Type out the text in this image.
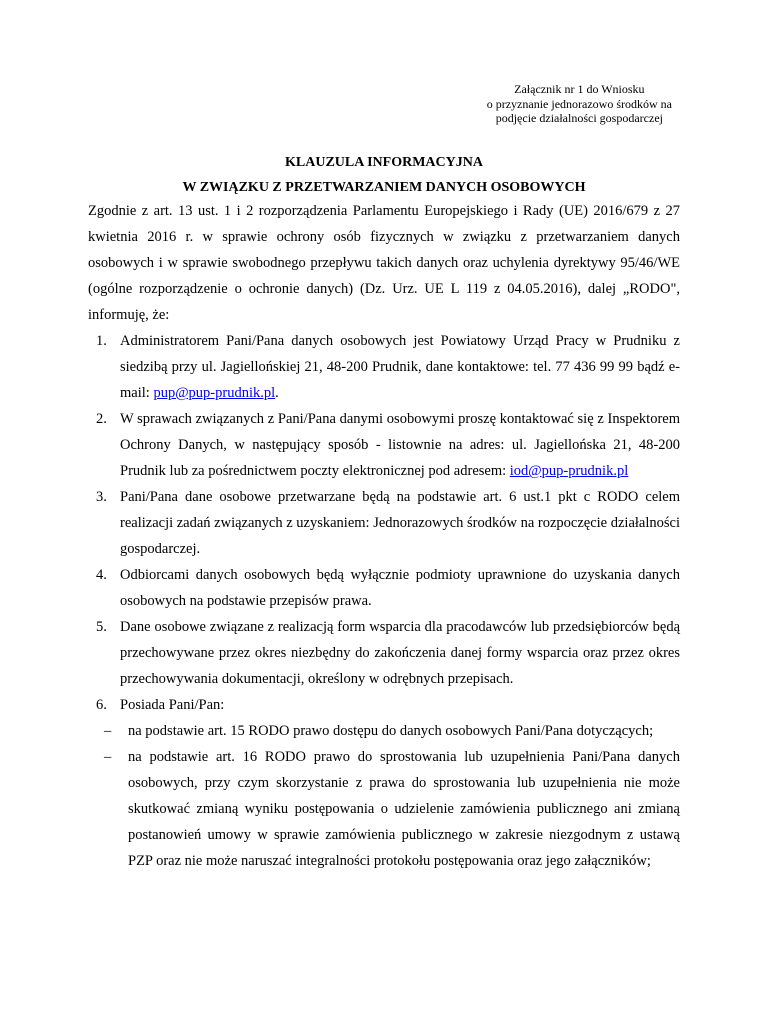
Załącznik nr 1 do Wniosku
o przyznanie jednorazowo środków na
podjęcie działalności gospodarczej
KLAUZULA INFORMACYJNA
W ZWIĄZKU Z PRZETWARZANIEM DANYCH OSOBOWYCH
Zgodnie z art. 13 ust. 1 i 2 rozporządzenia Parlamentu Europejskiego i Rady (UE) 2016/679 z 27 kwietnia 2016 r. w sprawie ochrony osób fizycznych w związku z przetwarzaniem danych osobowych i w sprawie swobodnego przepływu takich danych oraz uchylenia dyrektywy 95/46/WE (ogólne rozporządzenie o ochronie danych) (Dz. Urz. UE L 119 z 04.05.2016), dalej „RODO", informuję, że:
1. Administratorem Pani/Pana danych osobowych jest Powiatowy Urząd Pracy w Prudniku z siedzibą przy ul. Jagiellońskiej 21, 48-200 Prudnik, dane kontaktowe: tel. 77 436 99 99 bądź e-mail: pup@pup-prudnik.pl.
2. W sprawach związanych z Pani/Pana danymi osobowymi proszę kontaktować się z Inspektorem Ochrony Danych, w następujący sposób - listownie na adres: ul. Jagiellońska 21, 48-200 Prudnik lub za pośrednictwem poczty elektronicznej pod adresem: iod@pup-prudnik.pl
3. Pani/Pana dane osobowe przetwarzane będą na podstawie art. 6 ust.1 pkt c RODO celem realizacji zadań związanych z uzyskaniem: Jednorazowych środków na rozpoczęcie działalności gospodarczej.
4. Odbiorcami danych osobowych będą wyłącznie podmioty uprawnione do uzyskania danych osobowych na podstawie przepisów prawa.
5. Dane osobowe związane z realizacją form wsparcia dla pracodawców lub przedsiębiorców będą przechowywane przez okres niezbędny do zakończenia danej formy wsparcia oraz przez okres przechowywania dokumentacji, określony w odrębnych przepisach.
6. Posiada Pani/Pan:
– na podstawie art. 15 RODO prawo dostępu do danych osobowych Pani/Pana dotyczących;
– na podstawie art. 16 RODO prawo do sprostowania lub uzupełnienia Pani/Pana danych osobowych, przy czym skorzystanie z prawa do sprostowania lub uzupełnienia nie może skutkować zmianą wyniku postępowania o udzielenie zamówienia publicznego ani zmianą postanowień umowy w sprawie zamówienia publicznego w zakresie niezgodnym z ustawą PZP oraz nie może naruszać integralności protokołu postępowania oraz jego załączników;
